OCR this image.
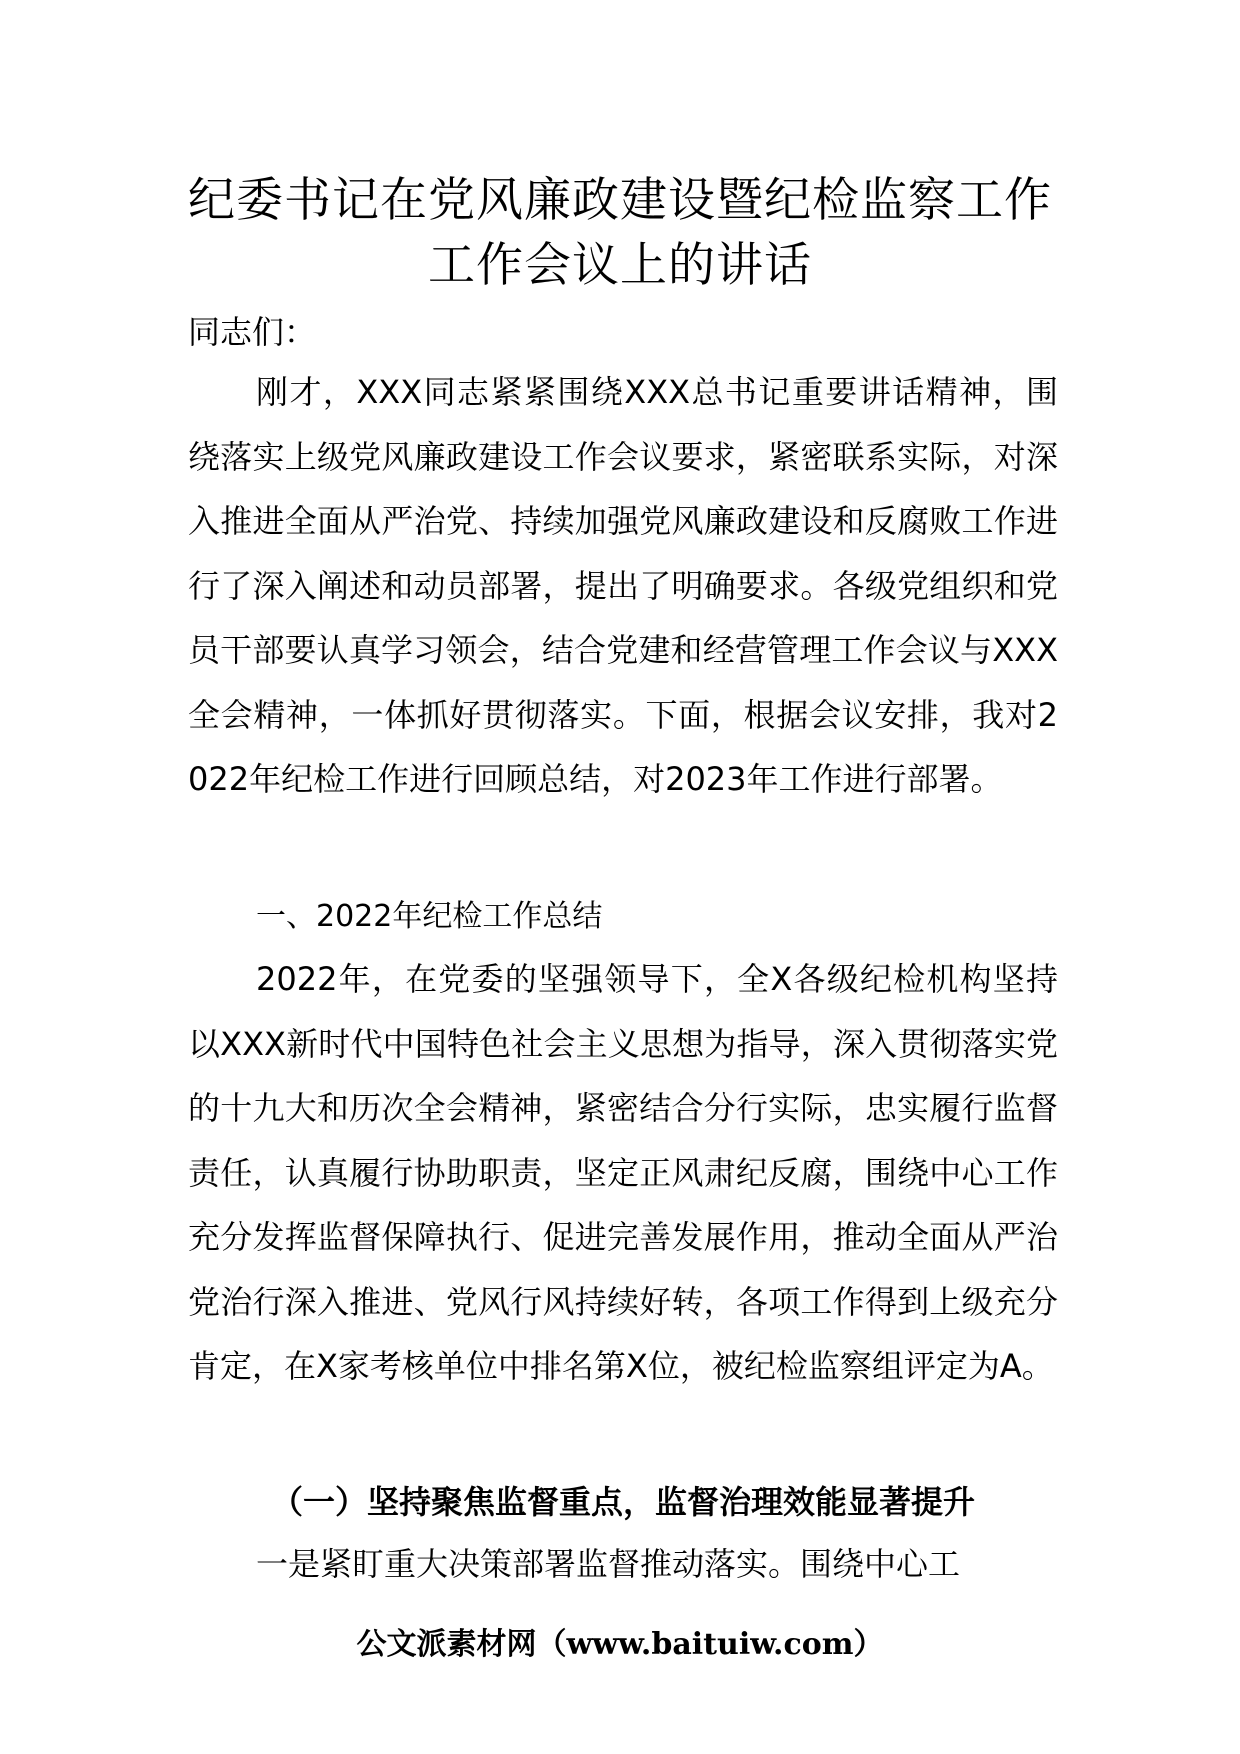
纪委书记在党风廉政建设暨纪检监察工作
工作会议上的讲话

同志们：

刚才，XXX同志紧紧围绕XXX总书记重要讲话精神，围绕落实上级党风廉政建设工作会议要求，紧密联系实际，对深入推进全面从严治党、持续加强党风廉政建设和反腐败工作进行了深入阐述和动员部署，提出了明确要求。各级党组织和党员干部要认真学习领会，结合党建和经营管理工作会议与XXX全会精神，一体抓好贯彻落实。下面，根据会议安排，我对2022年纪检工作进行回顾总结，对2023年工作进行部署。

一、2022年纪检工作总结

2022年，在党委的坚强领导下，全X各级纪检机构坚持以XXX新时代中国特色社会主义思想为指导，深入贯彻落实党的十九大和历次全会精神，紧密结合分行实际，忠实履行监督责任，认真履行协助职责，坚定正风肃纪反腐，围绕中心工作充分发挥监督保障执行、促进完善发展作用，推动全面从严治党治行深入推进、党风行风持续好转，各项工作得到上级充分肯定，在X家考核单位中排名第X位，被纪检监察组评定为A。

（一）坚持聚焦监督重点，监督治理效能显著提升

一是紧盯重大决策部署监督推动落实。围绕中心工

公文派素材网（www.baituiw.com）
